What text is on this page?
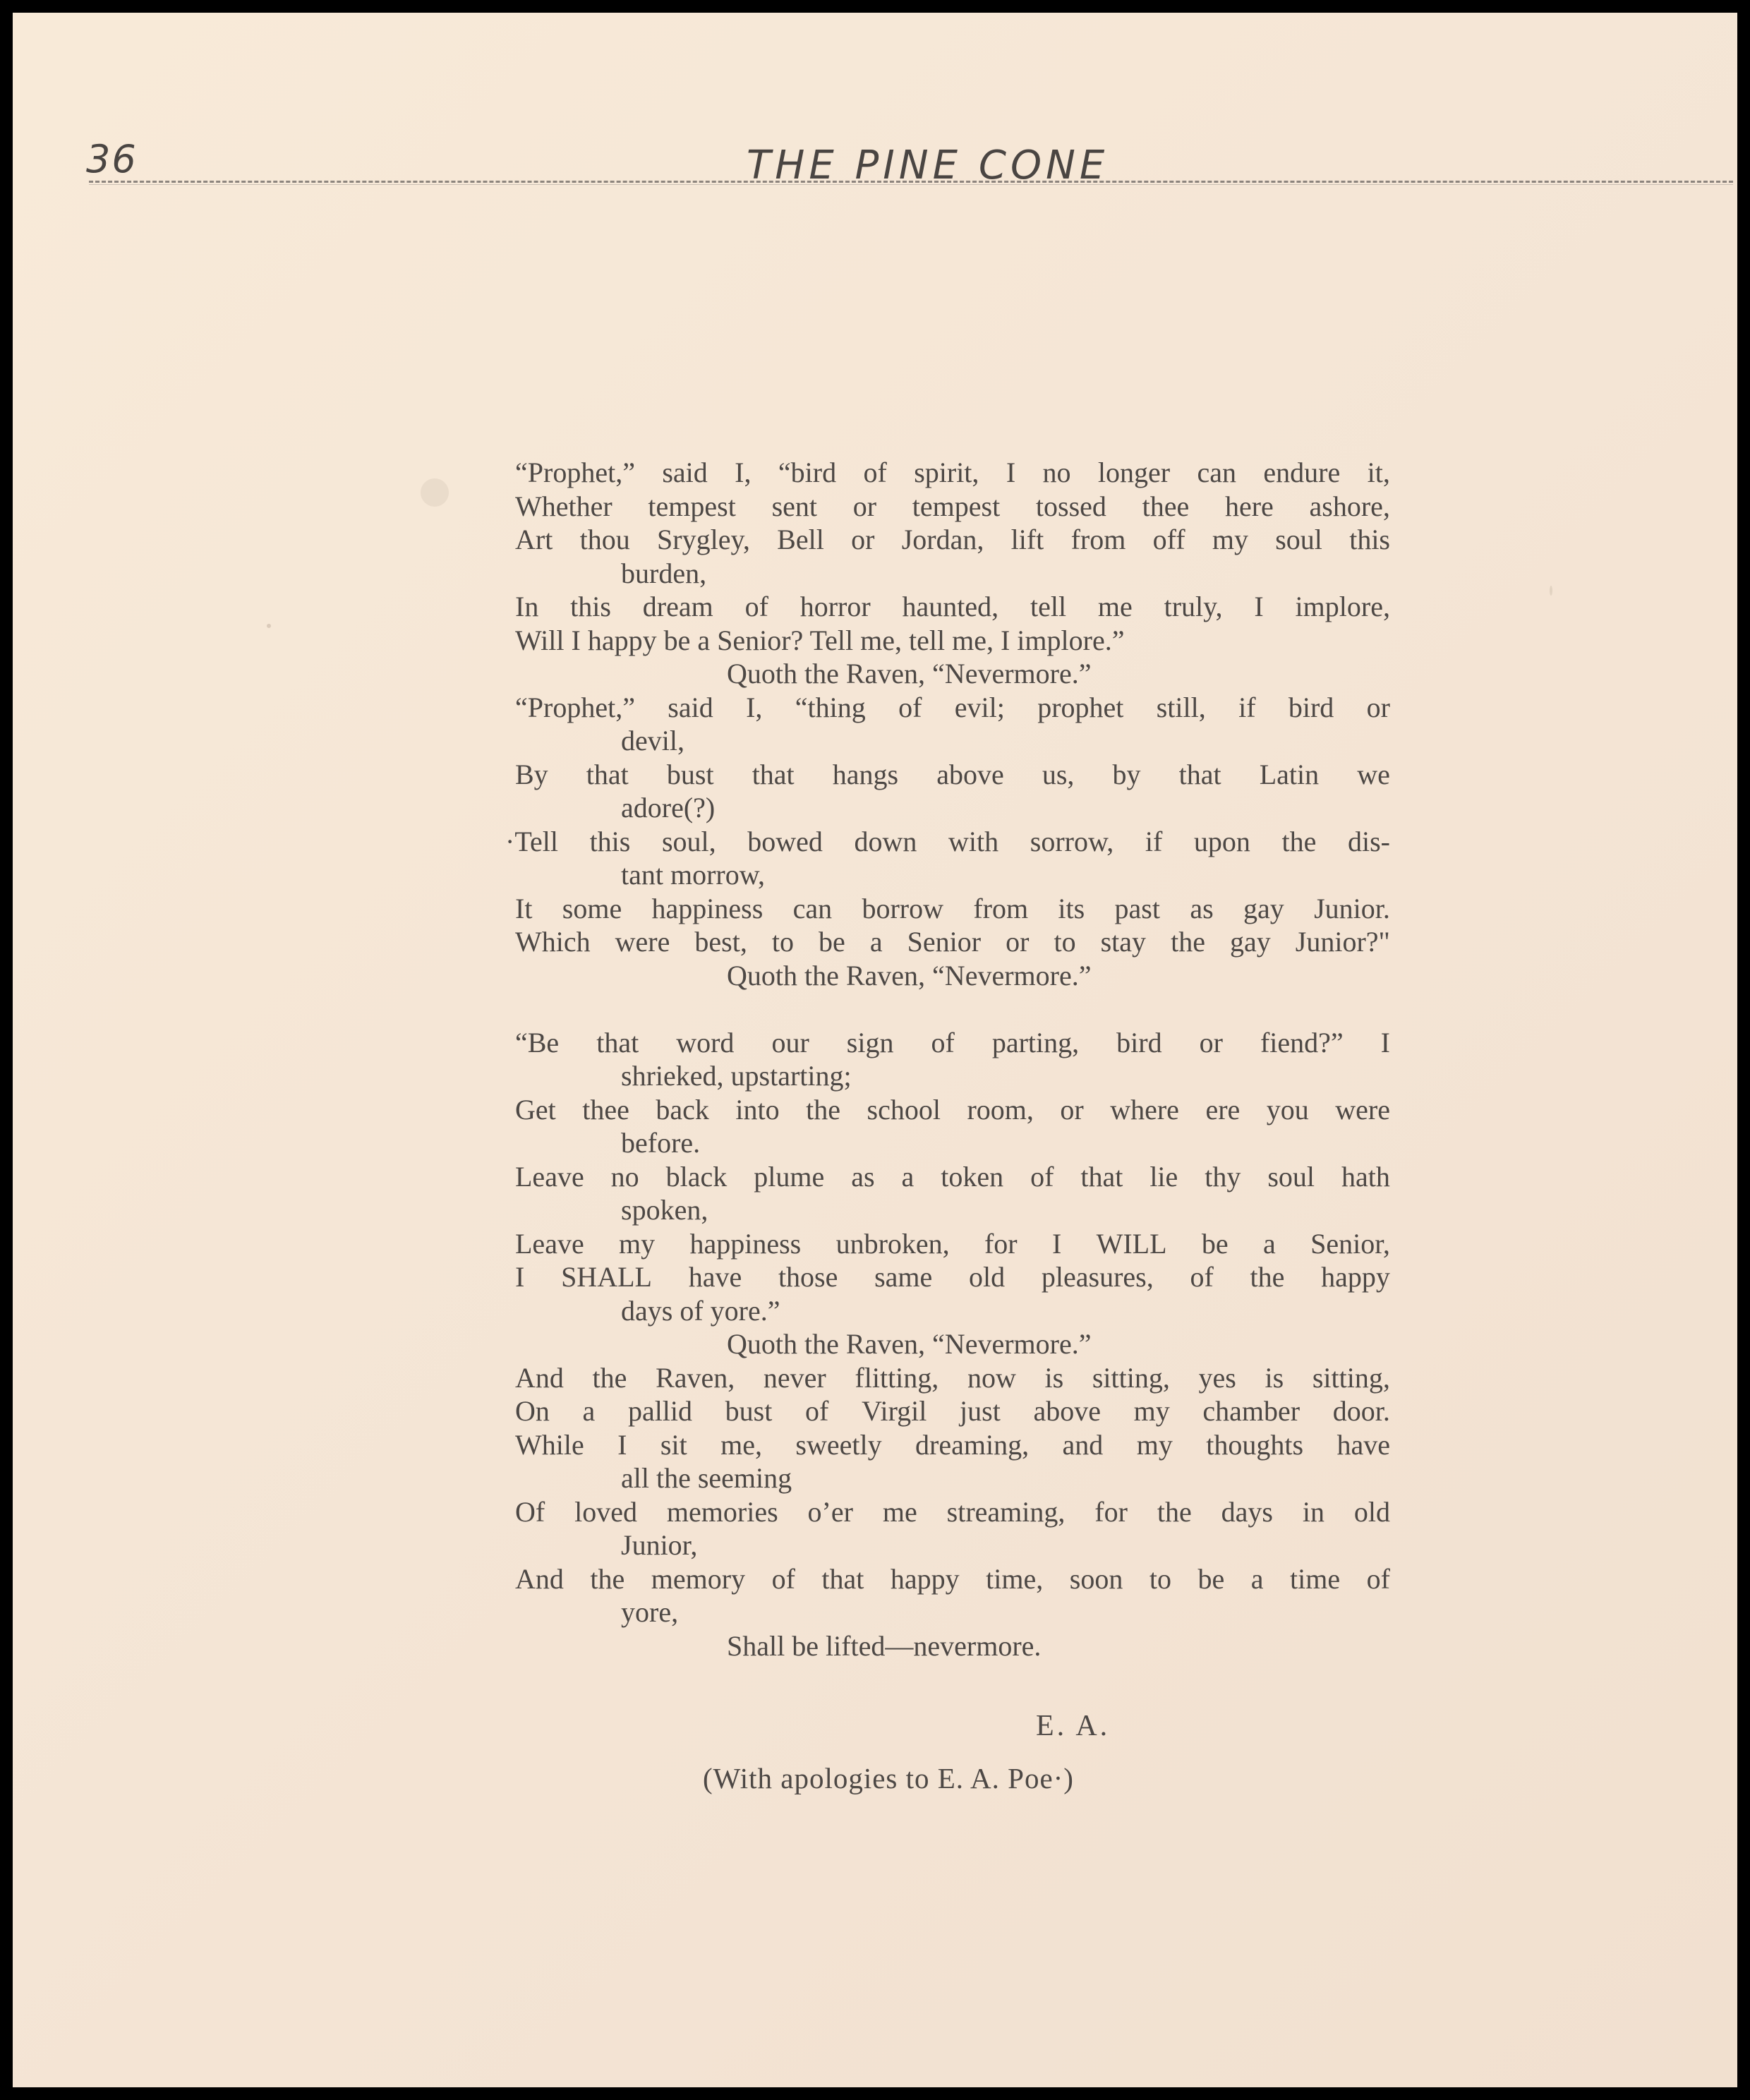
36	THE PINE CONE
“Prophet,” said I, “bird of spirit, I no longer can endure it,
Whether tempest sent or tempest tossed thee here ashore,
Art thou Srygley, Bell or Jordan, lift from off my soul this
burden,
In this dream of horror haunted, tell me truly, I implore,
Will I happy be a Senior? Tell me, tell me, I implore.”
Quoth the Raven, “Nevermore.”
“Prophet,” said I, “thing of evil; prophet still, if bird or
devil,
By that bust that hangs above us, by that Latin we
adore(?)
·Tell this soul, bowed down with sorrow, if upon the dis-
tant morrow,
It some happiness can borrow from its past as gay Junior.
Which were best, to be a Senior or to stay the gay Junior?"
Quoth the Raven, “Nevermore.”
“Be that word our sign of parting, bird or fiend?” I
shrieked, upstarting;
Get thee back into the school room, or where ere you were
before.
Leave no black plume as a token of that lie thy soul hath
spoken,
Leave my happiness unbroken, for I WILL be a Senior,
I SHALL have those same old pleasures, of the happy
days of yore.”
Quoth the Raven, “Nevermore.”
And the Raven, never flitting, now is sitting, yes is sitting,
On a pallid bust of Virgil just above my chamber door.
While I sit me, sweetly dreaming, and my thoughts have
all the seeming
Of loved memories o’er me streaming, for the days in old
Junior,
And the memory of that happy time, soon to be a time of
yore,
Shall be lifted—nevermore.
E. A.
(With apologies to E. A. Poe·)
